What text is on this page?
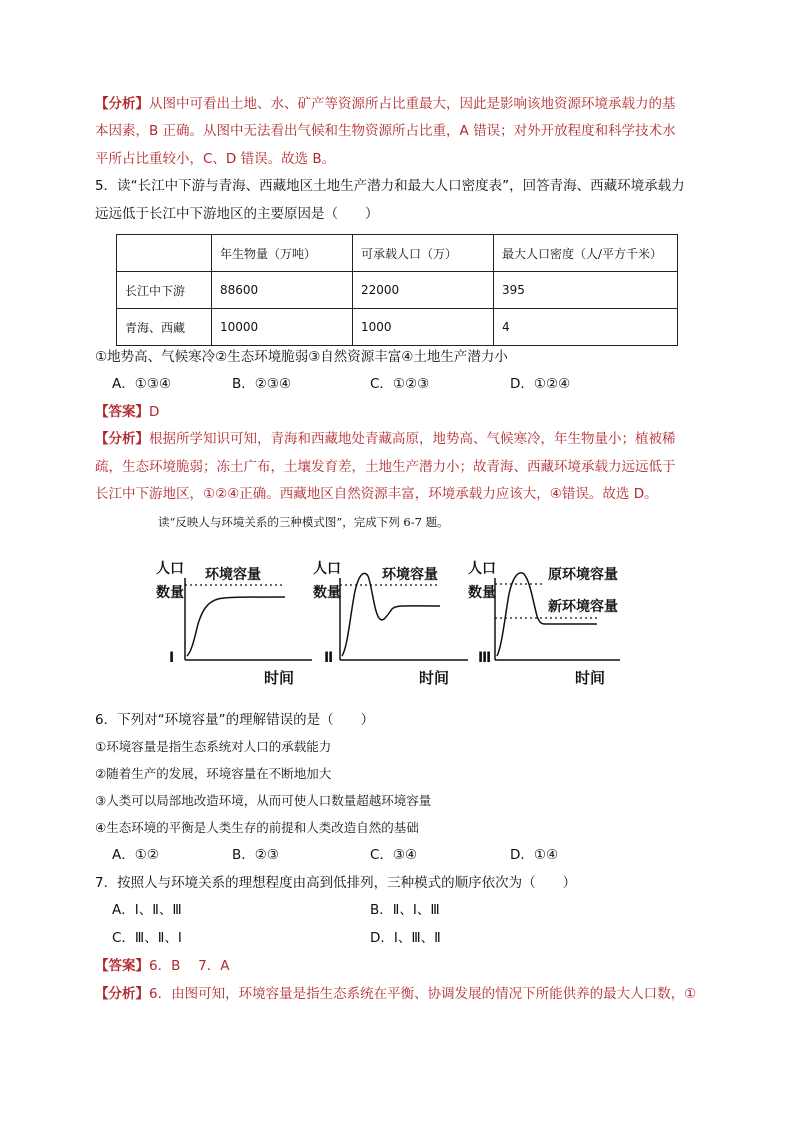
【分析】从图中可看出土地、水、矿产等资源所占比重最大，因此是影响该地资源环境承载力的基
本因素，B 正确。从图中无法看出气候和生物资源所占比重，A 错误；对外开放程度和科学技术水
平所占比重较小，C、D 错误。故选 B。
5．读“长江中下游与青海、西藏地区土地生产潜力和最大人口密度表”，回答青海、西藏环境承载力
远远低于长江中下游地区的主要原因是（　　）
	年生物量（万吨）	可承载人口（万）	最大人口密度（人/平方千米）
长江中下游	88600	22000	395
青海、西藏	10000	1000	4
①地势高、气候寒冷②生态环境脆弱③自然资源丰富④土地生产潜力小
A．①③④	B．②③④	C．①②③	D．①②④
【答案】D
【分析】根据所学知识可知，青海和西藏地处青藏高原，地势高、气候寒冷，年生物量小；植被稀
疏，生态环境脆弱；冻土广布，土壤发育差，土地生产潜力小；故青海、西藏环境承载力远远低于
长江中下游地区，①②④正确。西藏地区自然资源丰富，环境承载力应该大，④错误。故选 D。
读“反映人与环境关系的三种模式图”，完成下列 6-7 题。
人口
数量
Ⅰ
环境容量	人口
数量
Ⅱ
环境容量 人口
数量
Ⅲ
原环境容量
新环境容量
时间	时间	时间
6．下列对“环境容量”的理解错误的是（　　）
①环境容量是指生态系统对人口的承载能力
②随着生产的发展，环境容量在不断地加大
③人类可以局部地改造环境，从而可使人口数量超越环境容量
④生态环境的平衡是人类生存的前提和人类改造自然的基础
A．①②	B．②③	C．③④	D．①④
7．按照人与环境关系的理想程度由高到低排列，三种模式的顺序依次为（　　）
A．Ⅰ、Ⅱ、Ⅲ	B．Ⅱ、Ⅰ、Ⅲ
C．Ⅲ、Ⅱ、Ⅰ	D．Ⅰ、Ⅲ、Ⅱ
【答案】6．B　 7．A
【分析】6．由图可知，环境容量是指生态系统在平衡、协调发展的情况下所能供养的最大人口数，①
